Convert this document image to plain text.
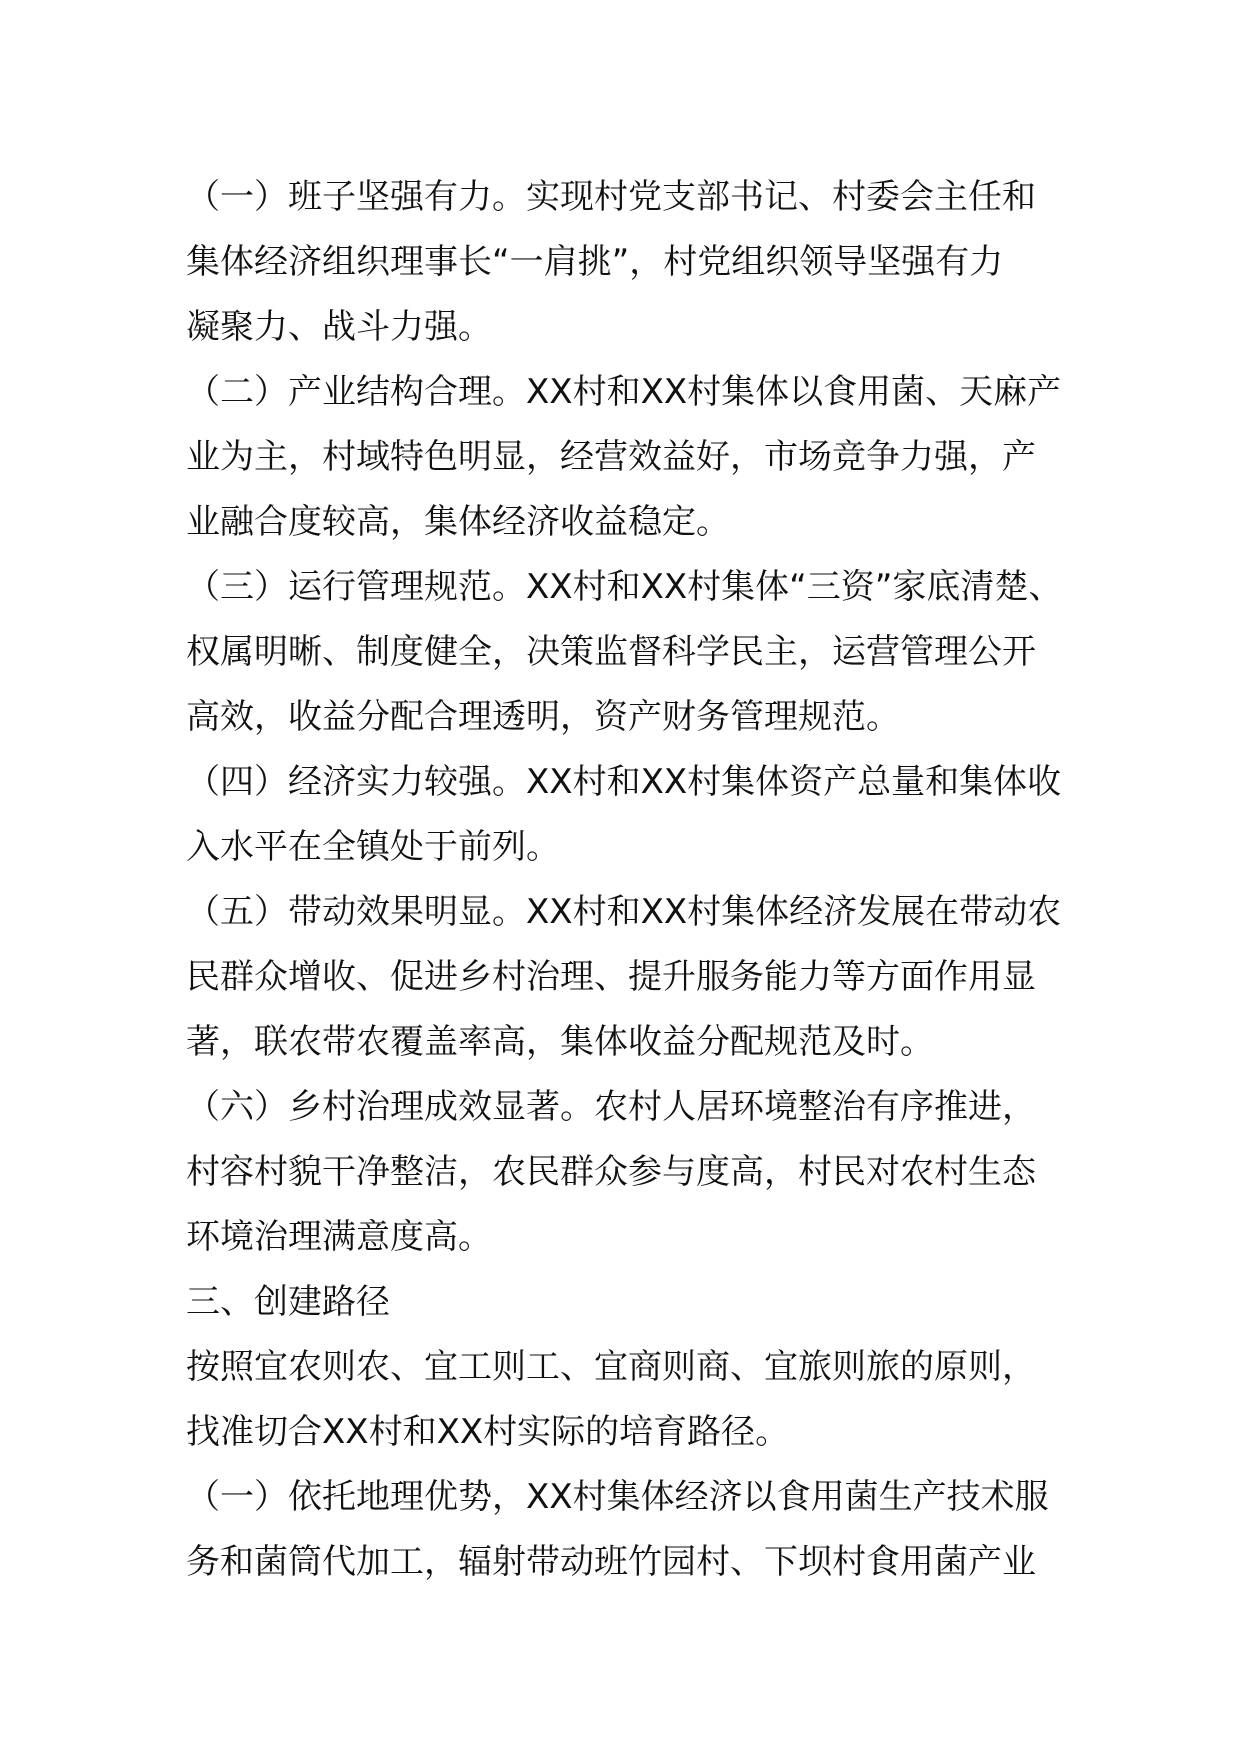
（一）班子坚强有力。实现村党支部书记、村委会主任和
集体经济组织理事长“一肩挑”，村党组织领导坚强有力
凝聚力、战斗力强。

（二）产业结构合理。XX村和XX村集体以食用菌、天麻产
业为主，村域特色明显，经营效益好，市场竞争力强，产
业融合度较高，集体经济收益稳定。

（三）运行管理规范。XX村和XX村集体“三资”家底清楚、
权属明晰、制度健全，决策监督科学民主，运营管理公开
高效，收益分配合理透明，资产财务管理规范。

（四）经济实力较强。XX村和XX村集体资产总量和集体收
入水平在全镇处于前列。

（五）带动效果明显。XX村和XX村集体经济发展在带动农
民群众增收、促进乡村治理、提升服务能力等方面作用显
著，联农带农覆盖率高，集体收益分配规范及时。

（六）乡村治理成效显著。农村人居环境整治有序推进，
村容村貌干净整洁，农民群众参与度高，村民对农村生态
环境治理满意度高。

三、创建路径

按照宜农则农、宜工则工、宜商则商、宜旅则旅的原则，
找准切合XX村和XX村实际的培育路径。

（一）依托地理优势，XX村集体经济以食用菌生产技术服
务和菌筒代加工，辐射带动班竹园村、下坝村食用菌产业
